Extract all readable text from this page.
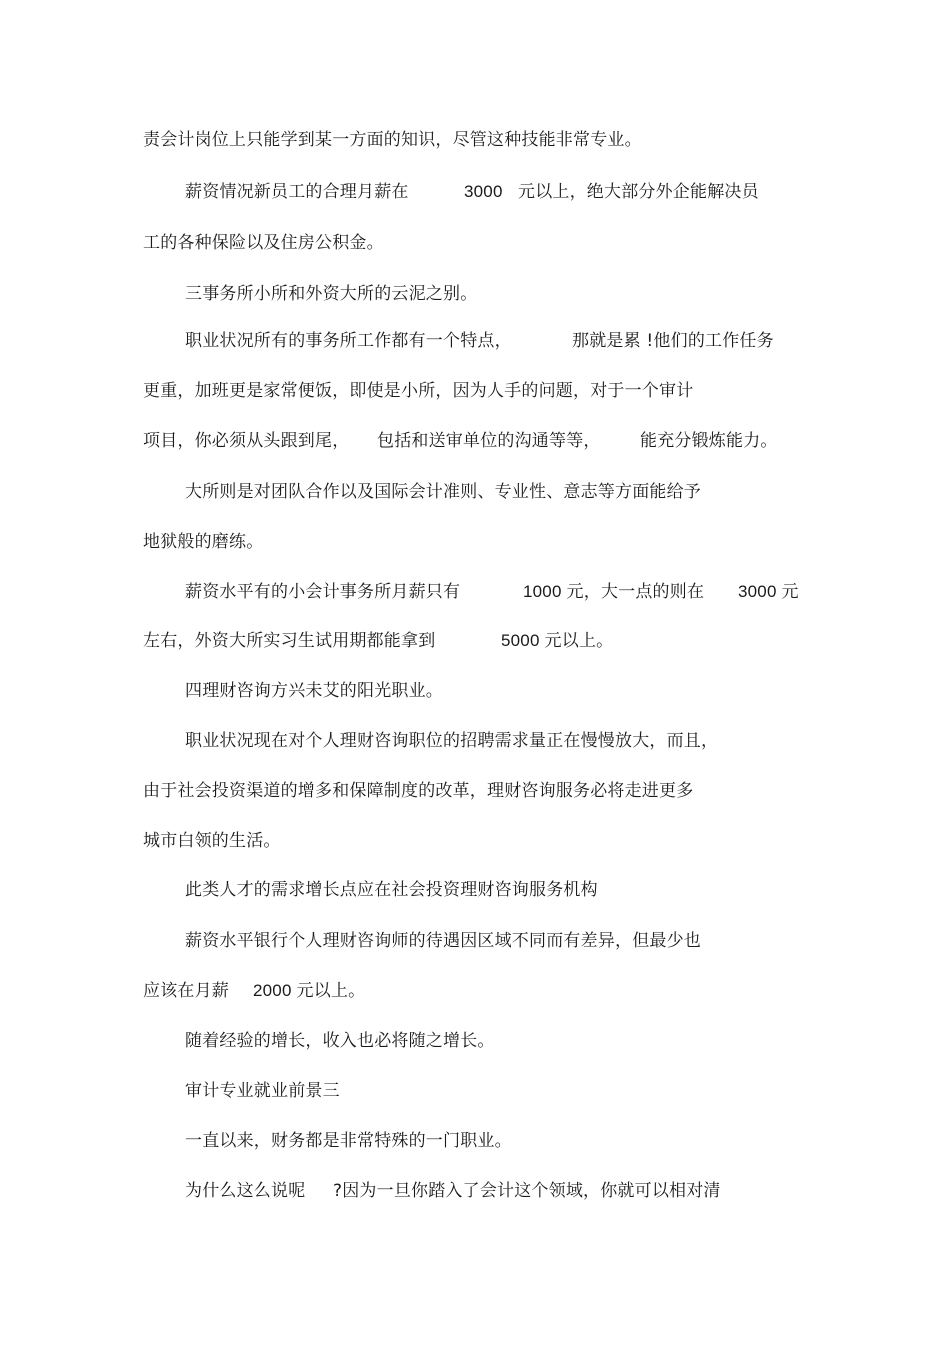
责会计岗位上只能学到某一方面的知识，尽管这种技能非常专业。
薪资情况新员工的合理月薪在	3000 元以上，绝大部分外企能解决员
工的各种保险以及住房公积金。
三事务所小所和外资大所的云泥之别。
职业状况所有的事务所工作都有一个特点，	那就是累 !他们的工作任务
更重，加班更是家常便饭，即使是小所，因为人手的问题，对于一个审计
项目，你必须从头跟到尾， 包括和送审单位的沟通等等， 能充分锻炼能力。
大所则是对团队合作以及国际会计准则、专业性、意志等方面能给予
地狱般的磨练。
薪资水平有的小会计事务所月薪只有	1000 元，大一点的则在 3000 元
左右，外资大所实习生试用期都能拿到	5000 元以上。
四理财咨询方兴未艾的阳光职业。
职业状况现在对个人理财咨询职位的招聘需求量正在慢慢放大，而且，
由于社会投资渠道的增多和保障制度的改革，理财咨询服务必将走进更多
城市白领的生活。
此类人才的需求增长点应在社会投资理财咨询服务机构
薪资水平银行个人理财咨询师的待遇因区域不同而有差异，但最少也
应该在月薪 2000 元以上。
随着经验的增长，收入也必将随之增长。
审计专业就业前景三
一直以来，财务都是非常特殊的一门职业。
为什么这么说呢 ?因为一旦你踏入了会计这个领域，你就可以相对清
